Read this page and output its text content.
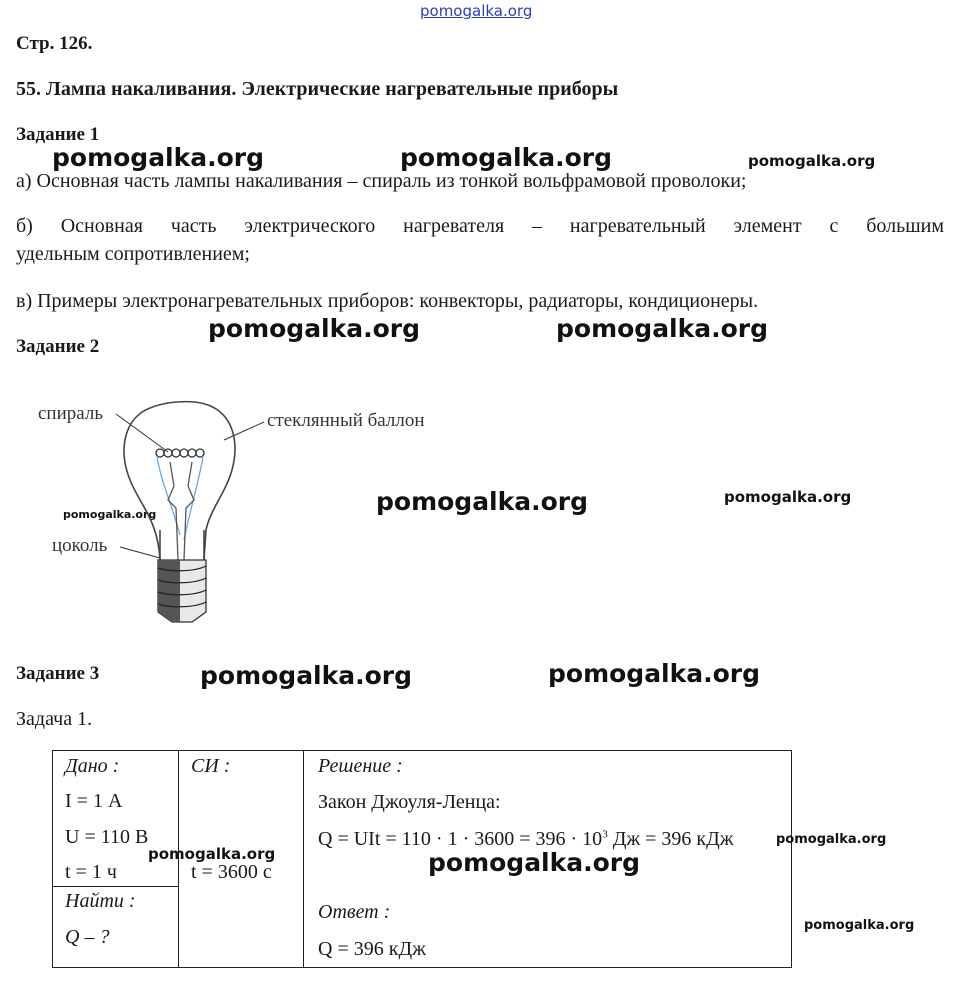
pomogalka.org
Стр. 126.
55. Лампа накаливания. Электрические нагревательные приборы
Задание 1
pomogalka.org	pomogalka.org	pomogalka.org
а) Основная часть лампы накаливания – спираль из тонкой вольфрамовой проволоки;
б) Основная часть электрического нагревателя – нагревательный элемент с большим
удельным сопротивлением;
в) Примеры электронагревательных приборов: конвекторы, радиаторы, кондиционеры.
pomogalka.org	pomogalka.org
Задание 2
спираль	стеклянный баллон
цоколь
pomogalka.org	pomogalka.org	pomogalka.org
Задание 3	pomogalka.org	pomogalka.org
Задача 1.
Дано :
I = 1 А
U = 110 В
t = 1 ч

СИ :
t = 3600 с

Решение :
Закон Джоуля-Ленца:
Q = UIt = $110 \cdot 1 \cdot 3600 = 396 \cdot 10^3$ Дж = 396 кДж
Ответ :
Q = 396 кДж

Найти :
Q – ?
pomogalka.org	pomogalka.org
pomogalka.org
pomogalka.org
